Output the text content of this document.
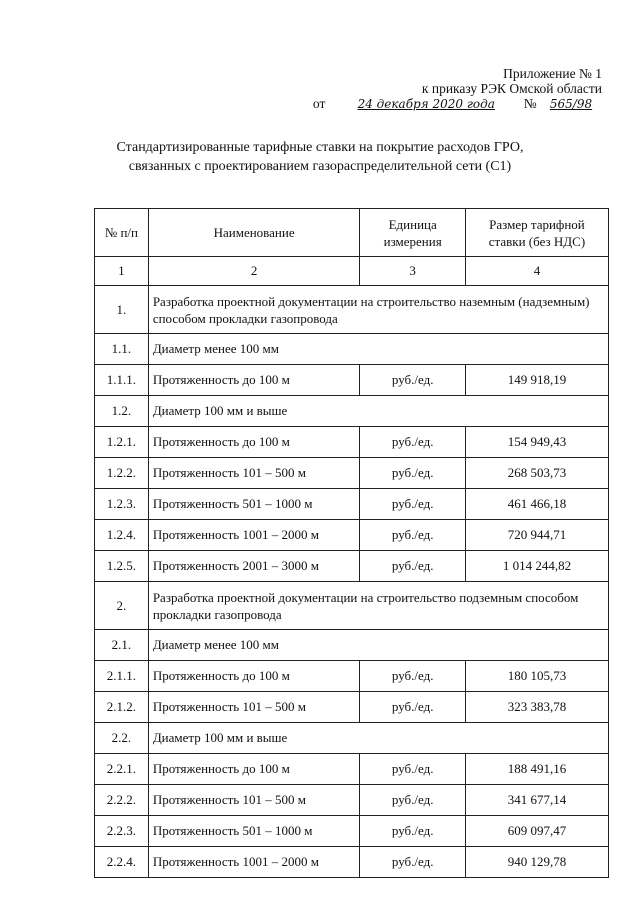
Приложение № 1
к приказу РЭК Омской области
от	24 декабря 2020 года № 565/98
Стандартизированные тарифные ставки на покрытие расходов ГРО,
связанных с проектированием газораспределительной сети (С1)
№ п/п	Наименование	Единица измерения	Размер тарифной ставки (без НДС)
1	2	3	4
1.	Разработка проектной документации на строительство наземным (надземным) способом прокладки газопровода		
1.1.	Диаметр менее 100 мм		
1.1.1.	Протяженность до 100 м	руб./ед.	149 918,19
1.2.	Диаметр 100 мм и выше		
1.2.1.	Протяженность до 100 м	руб./ед.	154 949,43
1.2.2.	Протяженность 101 – 500 м	руб./ед.	268 503,73
1.2.3.	Протяженность 501 – 1000 м	руб./ед.	461 466,18
1.2.4.	Протяженность 1001 – 2000 м	руб./ед.	720 944,71
1.2.5.	Протяженность 2001 – 3000 м	руб./ед.	1 014 244,82
2.	Разработка проектной документации на строительство подземным способом прокладки газопровода		
2.1.	Диаметр менее 100 мм		
2.1.1.	Протяженность до 100 м	руб./ед.	180 105,73
2.1.2.	Протяженность 101 – 500 м	руб./ед.	323 383,78
2.2.	Диаметр 100 мм и выше		
2.2.1.	Протяженность до 100 м	руб./ед.	188 491,16
2.2.2.	Протяженность 101 – 500 м	руб./ед.	341 677,14
2.2.3.	Протяженность 501 – 1000 м	руб./ед.	609 097,47
2.2.4.	Протяженность 1001 – 2000 м	руб./ед.	940 129,78
